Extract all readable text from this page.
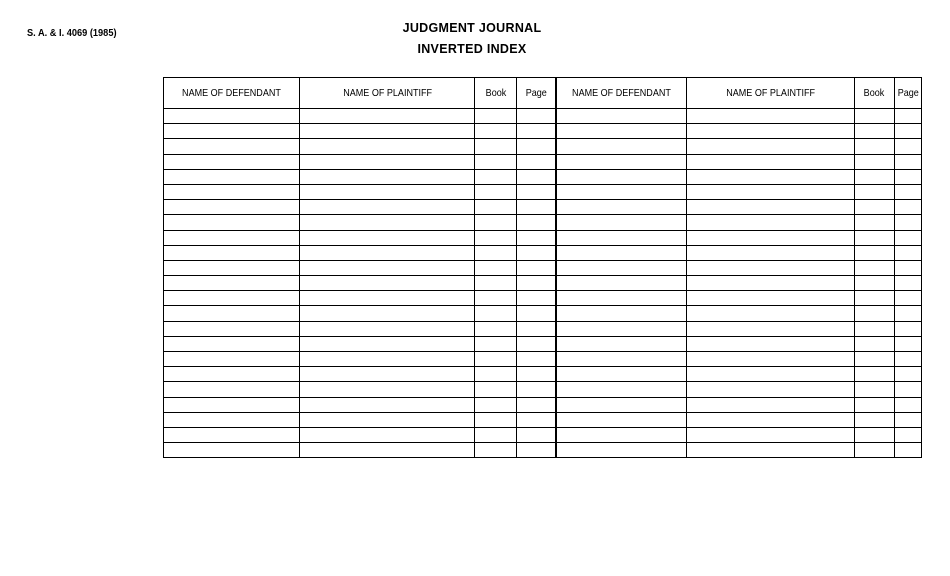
S. A. & I. 4069 (1985)	JUDGMENT JOURNAL
INVERTED INDEX
NAME OF DEFENDANT	NAME OF PLAINTIFF	Book	Page	NAME OF DEFENDANT	NAME OF PLAINTIFF	Book	Page
